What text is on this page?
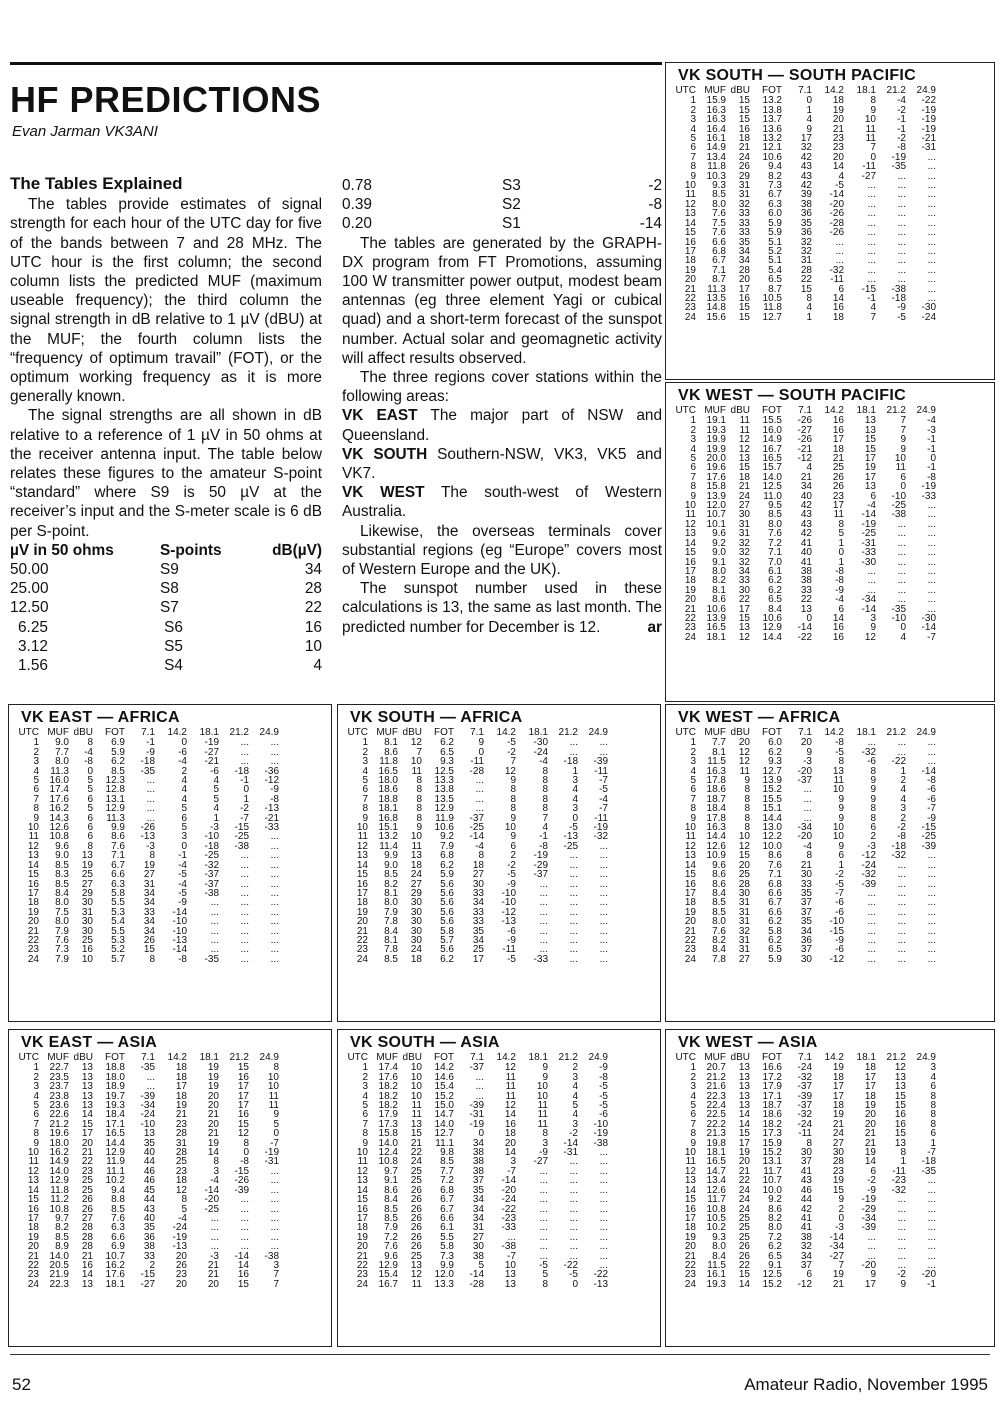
HF PREDICTIONS
Evan Jarman VK3ANI
The Tables Explained

The tables provide estimates of signal strength for each hour of the UTC day for five of the bands between 7 and 28 MHz. The UTC hour is the first column; the second column lists the predicted MUF (maximum useable frequency); the third column the signal strength in dB relative to 1 µV (dBU) at the MUF; the fourth column lists the “frequency of optimum travail” (FOT), or the optimum working frequency as it is more generally known.

The signal strengths are all shown in dB relative to a reference of 1 µV in 50 ohms at the receiver antenna input. The table below relates these figures to the amateur S-point “standard” where S9 is 50 µV at the receiver’s input and the S-meter scale is 6 dB per S-point.

µV in 50 ohms	S-points	dB(µV)
50.00	S9	34
25.00	S8	28
12.50	S7	22
6.25	S6	16
3.12	S5	10
1.56	S4	4
0.78	S3	-2
0.39	S2	-8
0.20	S1	-14

The tables are generated by the GRAPH-DX program from FT Promotions, assuming 100 W transmitter power output, modest beam antennas (eg three element Yagi or cubical quad) and a short-term forecast of the sunspot number. Actual solar and geomagnetic activity will affect results observed.

The three regions cover stations within the following areas:

VK EAST The major part of NSW and Queensland.

VK SOUTH Southern-NSW, VK3, VK5 and VK7.

VK WEST The south-west of Western Australia.

Likewise, the overseas terminals cover substantial regions (eg “Europe” covers most of Western Europe and the UK).

The sunspot number used in these calculations is 13, the same as last month. The predicted number for December is 12.	ar

VK SOUTH — SOUTH PACIFIC
UTC	MUF	dBU	FOT	7.1	14.2	18.1	21.2	24.9
1	15.9	15	13.2	0	18	8	-4	-22
2	16.3	15	13.8	1	19	9	-2	-19
3	16.3	15	13.7	4	20	10	-1	-19
4	16.4	16	13.6	9	21	11	-1	-19
5	16.1	18	13.2	17	23	11	-2	-21
6	14.9	21	12.1	32	23	7	-8	-31
7	13.4	24	10.6	42	20	0	-19	...
8	11.8	26	9.4	43	14	-11	-35	...
9	10.3	29	8.2	43	4	-27	...	...
10	9.3	31	7.3	42	-5	...	...	...
11	8.5	31	6.7	39	-14	...	...	...
12	8.0	32	6.3	38	-20	...	...	...
13	7.6	33	6.0	36	-26	...	...	...
14	7.5	33	5.9	35	-28	...	...	...
15	7.6	33	5.9	36	-26	...	...	...
16	6.6	35	5.1	32	...	...	...	...
17	6.8	34	5.2	32	...	...	...	...
18	6.7	34	5.1	31	...	...	...	...
19	7.1	28	5.4	28	-32	...	...	...
20	8.7	20	6.5	22	-11	...	...	...
21	11.3	17	8.7	15	6	-15	-38	...
22	13.5	16	10.5	8	14	-1	-18	...
23	14.8	15	11.8	4	16	4	-9	-30
24	15.6	15	12.7	1	18	7	-5	-24
VK WEST — SOUTH PACIFIC
UTC	MUF	dBU	FOT	7.1	14.2	18.1	21.2	24.9
1	19.1	11	15.5	-26	16	13	7	-4
2	19.3	11	16.0	-27	16	13	7	-3
3	19.9	12	14.9	-26	17	15	9	-1
4	19.9	12	16.7	-21	18	15	9	-1
5	20.0	13	16.5	-12	21	17	10	0
6	19.6	15	15.7	4	25	19	11	-1
7	17.6	18	14.0	21	26	17	6	-8
8	15.8	21	12.5	34	26	13	0	-19
9	13.9	24	11.0	40	23	6	-10	-33
10	12.0	27	9.5	42	17	-4	-25	...
11	10.7	30	8.5	43	11	-14	-38	...
12	10.1	31	8.0	43	8	-19	...	...
13	9.6	31	7.6	42	5	-25	...	...
14	9.2	32	7.2	41	1	-31	...	...
15	9.0	32	7.1	40	0	-33	...	...
16	9.1	32	7.0	41	1	-30	...	...
17	8.0	34	6.1	38	-8	...	...	...
18	8.2	33	6.2	38	-8	...	...	...
19	8.1	30	6.2	33	-9	...	...	...
20	8.6	22	6.5	22	-4	-34	...	...
21	10.6	17	8.4	13	6	-14	-35	...
22	13.9	15	10.6	0	14	3	-10	-30
23	16.5	13	12.9	-14	16	9	0	-14
24	18.1	12	14.4	-22	16	12	4	-7
VK EAST — AFRICA
UTC	MUF	dBU	FOT	7.1	14.2	18.1	21.2	24.9
1	9.0	8	6.9	-1	0	-19	...	...
2	7.7	-4	5.9	-9	-6	-27	...	...
3	8.0	-8	6.2	-18	-4	-21	...	...
4	11.3	0	8.5	-35	2	-6	-18	-36
5	16.0	5	12.3	...	4	4	-1	-12
6	17.4	5	12.8	...	4	5	0	-9
7	17.6	6	13.1	...	4	5	1	-8
8	16.2	5	12.9	...	5	4	-2	-13
9	14.3	6	11.3	...	6	1	-7	-21
10	12.6	6	9.9	-26	5	-3	-15	-33
11	10.8	6	8.6	-13	3	-10	-25	...
12	9.6	8	7.6	-3	0	-18	-38	...
13	9.0	13	7.1	8	-1	-25	...	...
14	8.5	19	6.7	19	-4	-32	...	...
15	8.3	25	6.6	27	-5	-37	...	...
16	8.5	27	6.3	31	-4	-37	...	...
17	8.4	29	5.8	34	-5	-38	...	...
18	8.0	30	5.5	34	-9	...	...	...
19	7.5	31	5.3	33	-14	...	...	...
20	8.0	30	5.4	34	-10	...	...	...
21	7.9	30	5.5	34	-10	...	...	...
22	7.6	25	5.3	26	-13	...	...	...
23	7.3	16	5.2	15	-14	...	...	...
24	7.9	10	5.7	8	-8	-35	...	...
VK SOUTH — AFRICA
UTC	MUF	dBU	FOT	7.1	14.2	18.1	21.2	24.9
1	8.1	12	6.2	9	-5	-30	...	...
2	8.6	7	6.5	0	-2	-24	...	...
3	11.8	10	9.3	-11	7	-4	-18	-39
4	16.5	11	12.5	-28	12	8	1	-11
5	18.0	8	13.3	...	9	8	3	-7
6	18.6	8	13.8	...	8	8	4	-5
7	18.8	8	13.5	...	8	8	4	-4
8	18.1	8	12.9	...	8	8	3	-7
9	16.8	8	11.9	-37	9	7	0	-11
10	15.1	9	10.6	-25	10	4	-5	-19
11	13.2	10	9.2	-14	9	-1	-13	-32
12	11.4	11	7.9	-4	6	-8	-25	...
13	9.9	13	6.8	8	2	-19	...	...
14	9.0	18	6.2	18	-2	-29	...	...
15	8.5	24	5.9	27	-5	-37	...	...
16	8.2	27	5.6	30	-9	...	...	...
17	8.1	29	5.6	33	-10	...	...	...
18	8.0	30	5.6	34	-10	...	...	...
19	7.9	30	5.6	33	-12	...	...	...
20	7.8	30	5.6	33	-13	...	...	...
21	8.4	30	5.8	35	-6	...	...	...
22	8.1	30	5.7	34	-9	...	...	...
23	7.8	24	5.6	25	-11	...	...	...
24	8.5	18	6.2	17	-5	-33	...	...
VK WEST — AFRICA
UTC	MUF	dBU	FOT	7.1	14.2	18.1	21.2	24.9
1	7.7	20	6.0	20	-8	...	...	...
2	8.1	12	6.2	9	-5	-32	...	...
3	11.5	12	9.3	-3	8	-6	-22	...
4	16.3	11	12.7	-20	13	8	1	-14
5	17.8	9	13.9	-37	11	9	2	-8
6	18.6	8	15.2	...	10	9	4	-6
7	18.7	8	15.5	...	9	9	4	-6
8	18.4	8	15.1	...	9	8	3	-7
9	17.8	8	14.4	...	9	8	2	-9
10	16.3	8	13.0	-34	10	6	-2	-15
11	14.4	10	12.2	-20	10	2	-8	-25
12	12.6	12	10.0	-4	9	-3	-18	-39
13	10.9	15	8.6	8	6	-12	-32	...
14	9.6	20	7.6	21	1	-24	...	...
15	8.6	25	7.1	30	-2	-32	...	...
16	8.6	28	6.8	33	-5	-39	...	...
17	8.4	30	6.6	35	-7	...	...	...
18	8.5	31	6.7	37	-6	...	...	...
19	8.5	31	6.6	37	-6	...	...	...
20	8.0	31	6.2	35	-10	...	...	...
21	7.6	32	5.8	34	-15	...	...	...
22	8.2	31	6.2	36	-9	...	...	...
23	8.4	31	6.5	37	-6	...	...	...
24	7.8	27	5.9	30	-12	...	...	...
VK EAST — ASIA
UTC	MUF	dBU	FOT	7.1	14.2	18.1	21.2	24.9
1	22.7	13	18.8	-35	18	19	15	8
2	23.5	13	18.0	...	18	19	16	10
3	23.7	13	18.9	...	17	19	17	10
4	23.8	13	19.7	-39	18	20	17	11
5	23.6	13	19.3	-34	19	20	17	11
6	22.6	14	18.4	-24	21	21	16	9
7	21.2	15	17.1	-10	23	20	15	5
8	19.6	17	16.5	13	28	21	12	0
9	18.0	20	14.4	35	31	19	8	-7
10	16.2	21	12.9	40	28	14	0	-19
11	14.9	22	11.9	44	25	8	-8	-31
12	14.0	23	11.1	46	23	3	-15	...
13	12.9	25	10.2	46	18	-4	-26	...
14	11.8	25	9.4	45	12	-14	-39	...
15	11.2	26	8.8	44	8	-20	...	...
16	10.8	26	8.5	43	5	-25	...	...
17	9.7	27	7.6	40	-4	...	...	...
18	8.2	28	6.3	35	-24	...	...	...
19	8.5	28	6.6	36	-19	...	...	...
20	8.9	28	6.9	38	-13	...	...	...
21	14.0	21	10.7	33	20	-3	-14	-38
22	20.5	16	16.2	2	26	21	14	3
23	21.9	14	17.6	-15	23	21	16	7
24	22.3	13	18.1	-27	20	20	15	7
VK SOUTH — ASIA
UTC	MUF	dBU	FOT	7.1	14.2	18.1	21.2	24.9
1	17.4	10	14.2	-37	12	9	2	-9
2	17.6	10	14.6	...	11	9	3	-8
3	18.2	10	15.4	...	11	10	4	-5
4	18.2	10	15.2	...	11	10	4	-5
5	18.2	11	15.0	-39	12	11	5	-5
6	17.9	11	14.7	-31	14	11	4	-6
7	17.3	13	14.0	-19	16	11	3	-10
8	15.8	15	12.7	0	18	8	-2	-19
9	14.0	21	11.1	34	20	3	-14	-38
10	12.4	22	9.8	38	14	-9	-31	...
11	10.8	24	8.5	38	3	-27	...	...
12	9.7	25	7.7	38	-7	...	...	...
13	9.1	25	7.2	37	-14	...	...	...
14	8.6	26	6.8	35	-20	...	...	...
15	8.4	26	6.7	34	-24	...	...	...
16	8.5	26	6.7	34	-22	...	...	...
17	8.5	26	6.6	34	-23	...	...	...
18	7.9	26	6.1	31	-33	...	...	...
19	7.2	26	5.5	27	...	...	...	...
20	7.6	26	5.8	30	-38	...	...	...
21	9.6	25	7.3	38	-7	...	...	...
22	12.9	13	9.9	5	10	-5	-22	...
23	15.4	12	12.0	-14	13	5	-5	-22
24	16.7	11	13.3	-28	13	8	0	-13
VK WEST — ASIA
UTC	MUF	dBU	FOT	7.1	14.2	18.1	21.2	24.9
1	20.7	13	16.6	-24	19	18	12	3
2	21.2	13	17.2	-32	18	17	13	4
3	21.6	13	17.9	-37	17	17	13	6
4	22.3	13	17.1	-39	17	18	15	8
5	22.4	13	18.7	-37	18	19	15	8
6	22.5	14	18.6	-32	19	20	16	8
7	22.2	14	18.2	-24	21	20	16	8
8	21.3	15	17.3	-11	24	21	15	6
9	19.8	17	15.9	8	27	21	13	1
10	18.1	19	15.2	30	30	19	8	-7
11	16.5	20	13.1	37	28	14	1	-18
12	14.7	21	11.7	41	23	6	-11	-35
13	13.4	22	10.7	43	19	-2	-23	...
14	12.6	24	10.0	46	15	-9	-32	...
15	11.7	24	9.2	44	9	-19	...	...
16	10.8	24	8.6	42	2	-29	...	...
17	10.5	25	8.2	41	0	-34	...	...
18	10.2	25	8.0	41	-3	-39	...	...
19	9.3	25	7.2	38	-14	...	...	...
20	8.0	26	6.2	32	-34	...	...	...
21	8.4	26	6.5	34	-27	...	...	...
22	11.5	22	9.1	37	7	-20	...	...
23	16.1	15	12.5	6	19	9	-2	-20
24	19.3	14	15.2	-12	21	17	9	-1
52	Amateur Radio, November 1995
